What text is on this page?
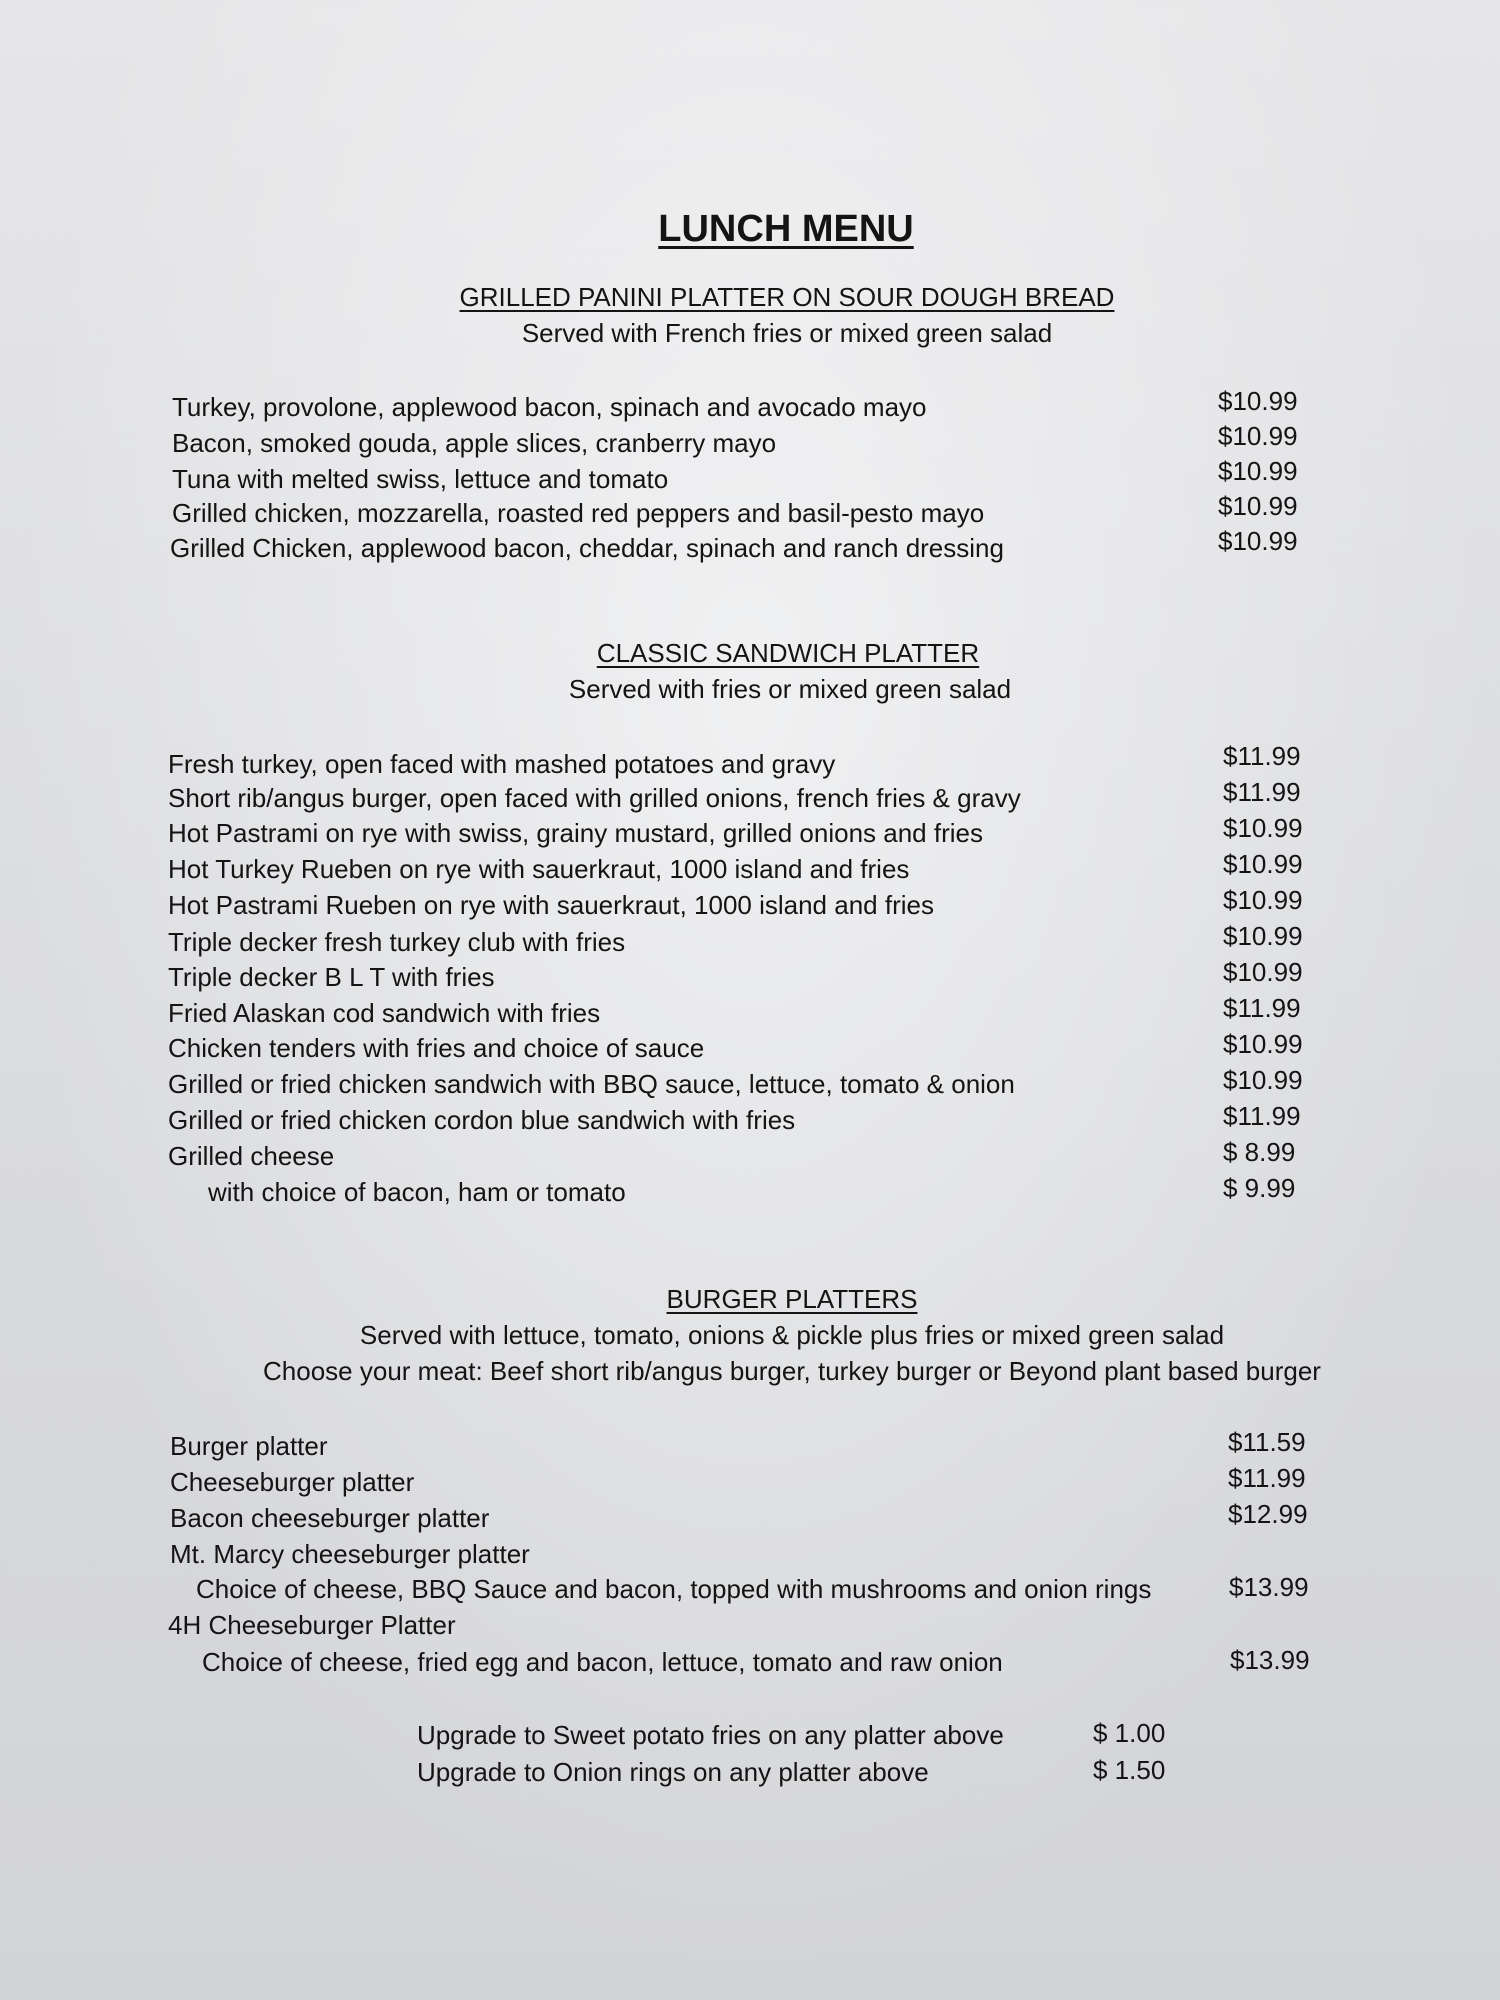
LUNCH MENU
GRILLED PANINI PLATTER ON SOUR DOUGH BREAD
Served with French fries or mixed green salad
Turkey, provolone, applewood bacon, spinach and avocado mayo	$10.99
Bacon, smoked gouda, apple slices, cranberry mayo	$10.99
Tuna with melted swiss, lettuce and tomato	$10.99
Grilled chicken, mozzarella, roasted red peppers and basil-pesto mayo	$10.99
Grilled Chicken, applewood bacon, cheddar, spinach and ranch dressing	$10.99
CLASSIC SANDWICH PLATTER
Served with fries or mixed green salad
Fresh turkey, open faced with mashed potatoes and gravy	$11.99
Short rib/angus burger, open faced with grilled onions, french fries & gravy	$11.99
Hot Pastrami on rye with swiss, grainy mustard, grilled onions and fries	$10.99
Hot Turkey Rueben on rye with sauerkraut, 1000 island and fries	$10.99
Hot Pastrami Rueben on rye with sauerkraut, 1000 island and fries	$10.99
Triple decker fresh turkey club with fries	$10.99
Triple decker B L T with fries	$10.99
Fried Alaskan cod sandwich with fries	$11.99
Chicken tenders with fries and choice of sauce	$10.99
Grilled or fried chicken sandwich with BBQ sauce, lettuce, tomato & onion	$10.99
Grilled or fried chicken cordon blue sandwich with fries	$11.99
Grilled cheese	$ 8.99
with choice of bacon, ham or tomato	$ 9.99
BURGER PLATTERS
Served with lettuce, tomato, onions & pickle plus fries or mixed green salad
Choose your meat: Beef short rib/angus burger, turkey burger or Beyond plant based burger
Burger platter	$11.59
Cheeseburger platter	$11.99
Bacon cheeseburger platter	$12.99
Mt. Marcy cheeseburger platter
Choice of cheese, BBQ Sauce and bacon, topped with mushrooms and onion rings	$13.99
4H Cheeseburger Platter
Choice of cheese, fried egg and bacon, lettuce, tomato and raw onion	$13.99
Upgrade to Sweet potato fries on any platter above	$ 1.00
Upgrade to Onion rings on any platter above	$ 1.50
